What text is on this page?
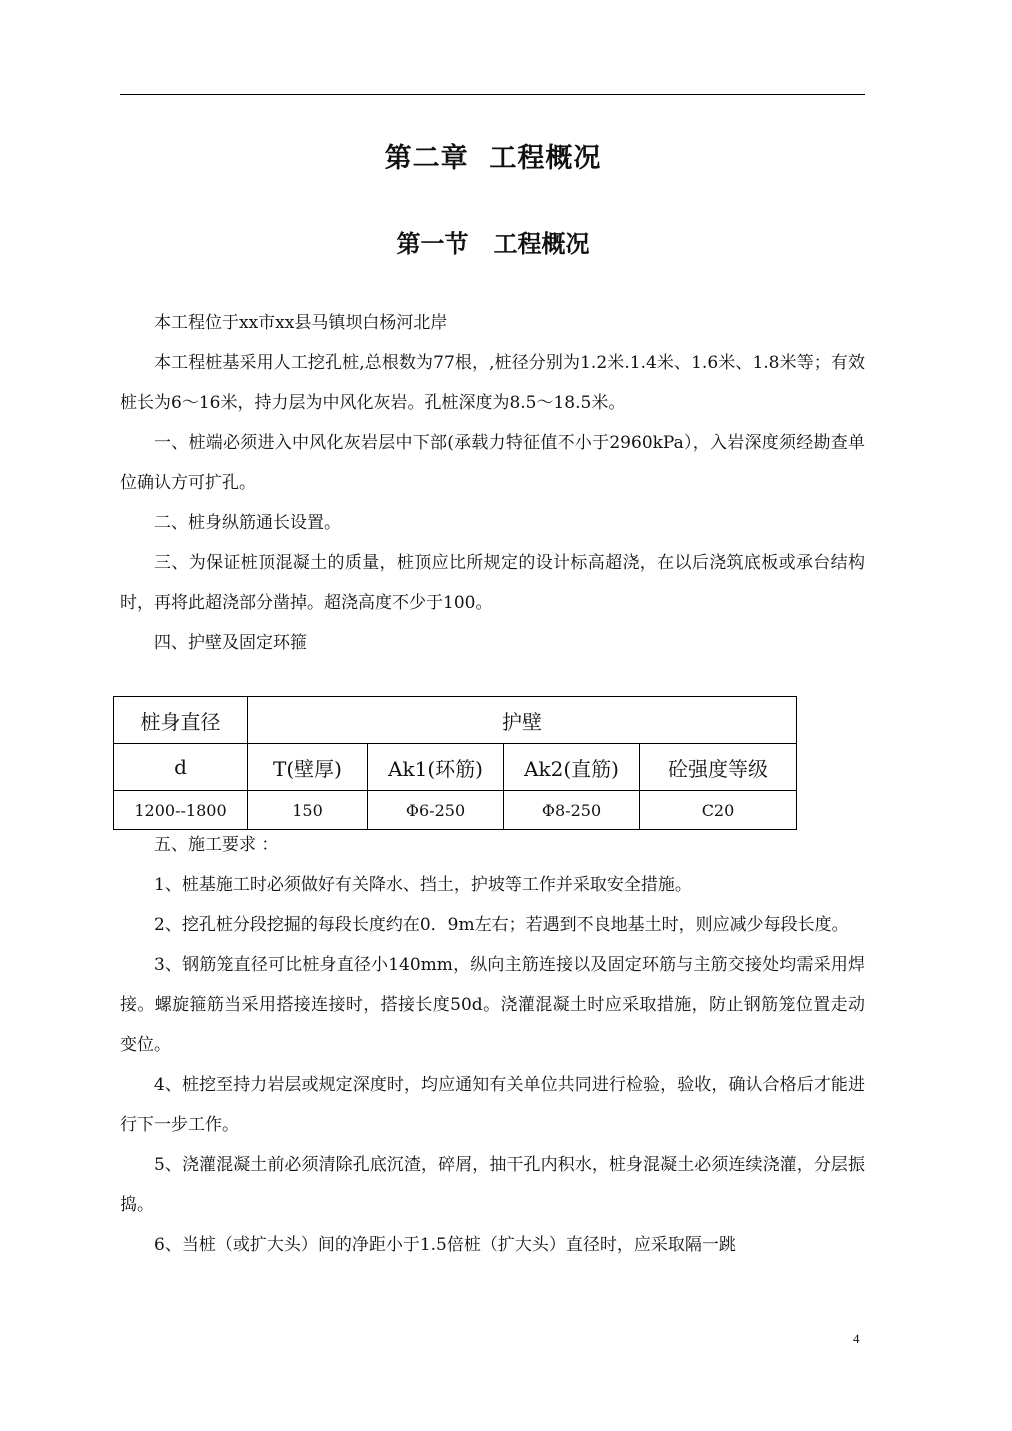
第二章  工程概况
第一节   工程概况

本工程位于xx市xx县马镇坝白杨河北岸

本工程桩基采用人工挖孔桩,总根数为77根，,桩径分别为1.2米.1.4米、1.6米、1.8米等；有效桩长为6～16米，持力层为中风化灰岩。孔桩深度为8.5～18.5米。

一、桩端必须进入中风化灰岩层中下部(承载力特征值不小于2960kPa），入岩深度须经勘查单位确认方可扩孔。

二、桩身纵筋通长设置。

三、为保证桩顶混凝土的质量，桩顶应比所规定的设计标高超浇，在以后浇筑底板或承台结构时，再将此超浇部分凿掉。超浇高度不少于100。

四、护壁及固定环箍

桩身直径	护壁			
d	T(壁厚)	Ak1(环筋)	Ak2(直筋)	砼强度等级
1200--1800	150	Φ6-250	Φ8-250	C20

五、施工要求 ：

1、桩基施工时必须做好有关降水、挡土，护坡等工作并采取安全措施。

2、挖孔桩分段挖掘的每段长度约在0．9m左右；若遇到不良地基土时，则应减少每段长度。

3、钢筋笼直径可比桩身直径小140mm，纵向主筋连接以及固定环筋与主筋交接处均需采用焊接。螺旋箍筋当采用搭接连接时，搭接长度50d。浇灌混凝土时应采取措施，防止钢筋笼位置走动变位。

4、桩挖至持力岩层或规定深度时，均应通知有关单位共同进行检验，验收，确认合格后才能进行下一步工作。

5、浇灌混凝土前必须清除孔底沉渣，碎屑，抽干孔内积水，桩身混凝土必须连续浇灌，分层振捣。

6、当桩（或扩大头）间的净距小于1.5倍桩（扩大头）直径时，应采取隔一跳

4
